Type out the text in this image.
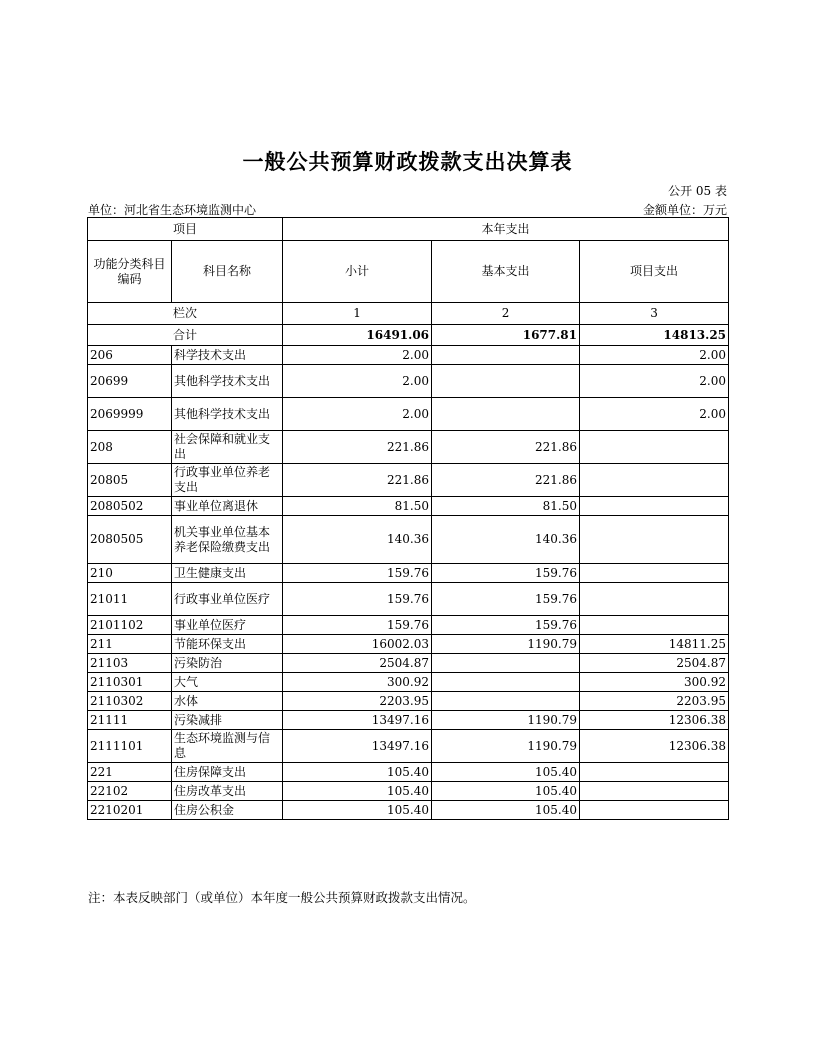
一般公共预算财政拨款支出决算表
公开 05 表
单位：河北省生态环境监测中心	金额单位：万元
项目		本年支出		
功能分类科目编码	科目名称	小计	基本支出	项目支出
栏次		1	2	3
合计		16491.06	1677.81	14813.25
206	科学技术支出	2.00		2.00
20699	其他科学技术支出	2.00		2.00
2069999	其他科学技术支出	2.00		2.00
208	社会保障和就业支出	221.86	221.86	
20805	行政事业单位养老支出	221.86	221.86	
2080502	事业单位离退休	81.50	81.50	
2080505	机关事业单位基本养老保险缴费支出	140.36	140.36	
210	卫生健康支出	159.76	159.76	
21011	行政事业单位医疗	159.76	159.76	
2101102	事业单位医疗	159.76	159.76	
211	节能环保支出	16002.03	1190.79	14811.25
21103	污染防治	2504.87		2504.87
2110301	大气	300.92		300.92
2110302	水体	2203.95		2203.95
21111	污染减排	13497.16	1190.79	12306.38
2111101	生态环境监测与信息	13497.16	1190.79	12306.38
221	住房保障支出	105.40	105.40	
22102	住房改革支出	105.40	105.40	
2210201	住房公积金	105.40	105.40	
注：本表反映部门（或单位）本年度一般公共预算财政拨款支出情况。
